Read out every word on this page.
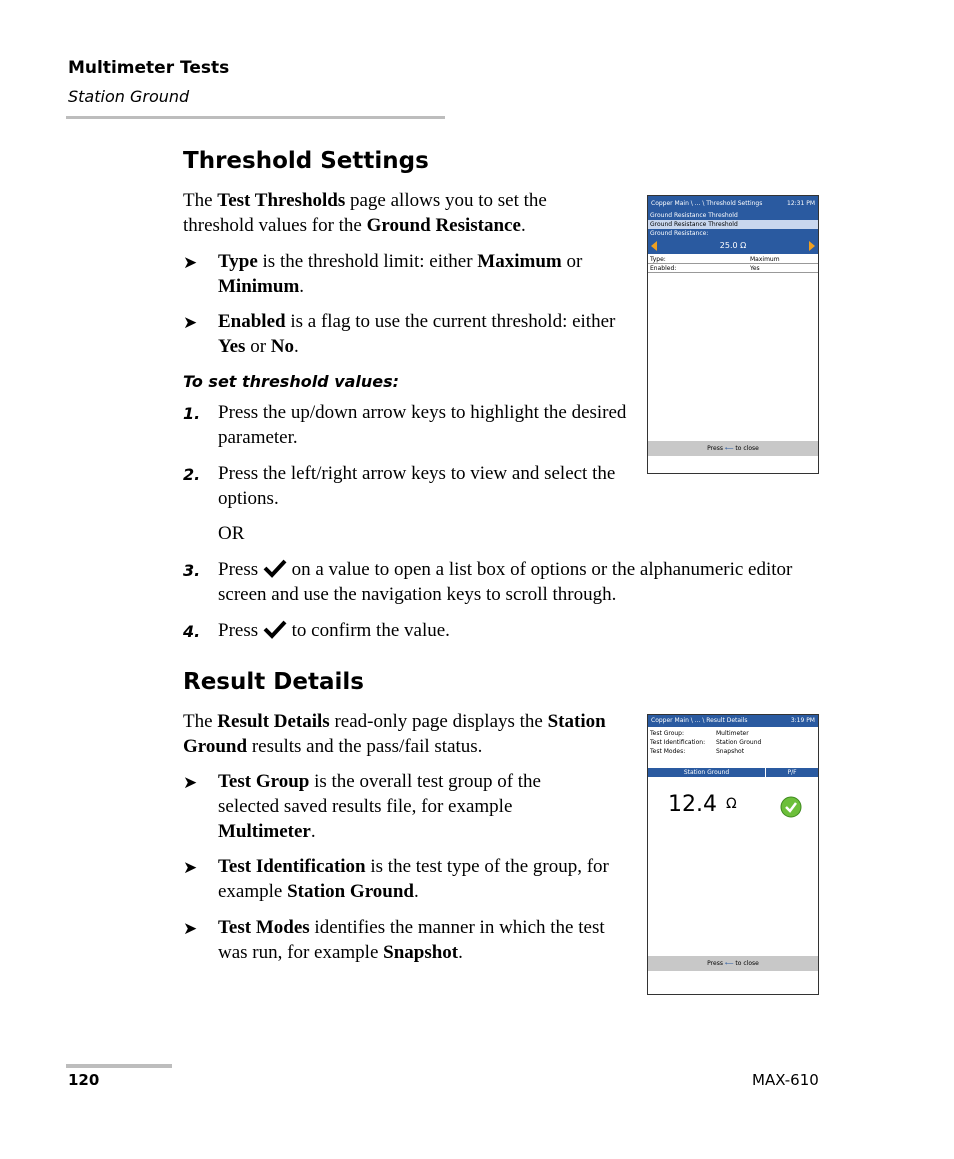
Multimeter Tests
Station Ground
Threshold Settings
The Test Thresholds page allows you to set the threshold values for the Ground Resistance.
➤ Type is the threshold limit: either Maximum or Minimum.
➤ Enabled is a flag to use the current threshold: either Yes or No.
To set threshold values:
1. Press the up/down arrow keys to highlight the desired parameter.
2. Press the left/right arrow keys to view and select the options.
OR
3. Press on a value to open a list box of options or the alphanumeric editor screen and use the navigation keys to scroll through.
4. Press to confirm the value.
Copper Main \ ... \ Threshold Settings	12:31 PM
Ground Resistance Threshold
Ground Resistance Threshold
Ground Resistance:
25.0 Ω
Type:	Maximum
Enabled:	Yes
Press ⟵ to close
Result Details
The Result Details read-only page displays the Station Ground results and the pass/fail status.
➤ Test Group is the overall test group of the selected saved results file, for example Multimeter.
➤ Test Identification is the test type of the group, for example Station Ground.
➤ Test Modes identifies the manner in which the test was run, for example Snapshot.
Copper Main \ ... \ Result Details	3:19 PM
Test Group:	Multimeter
Test Identification: Station Ground
Test Modes:	Snapshot
Station Ground	P/F
12.4 Ω
Press ⟵ to close
120	MAX-610
